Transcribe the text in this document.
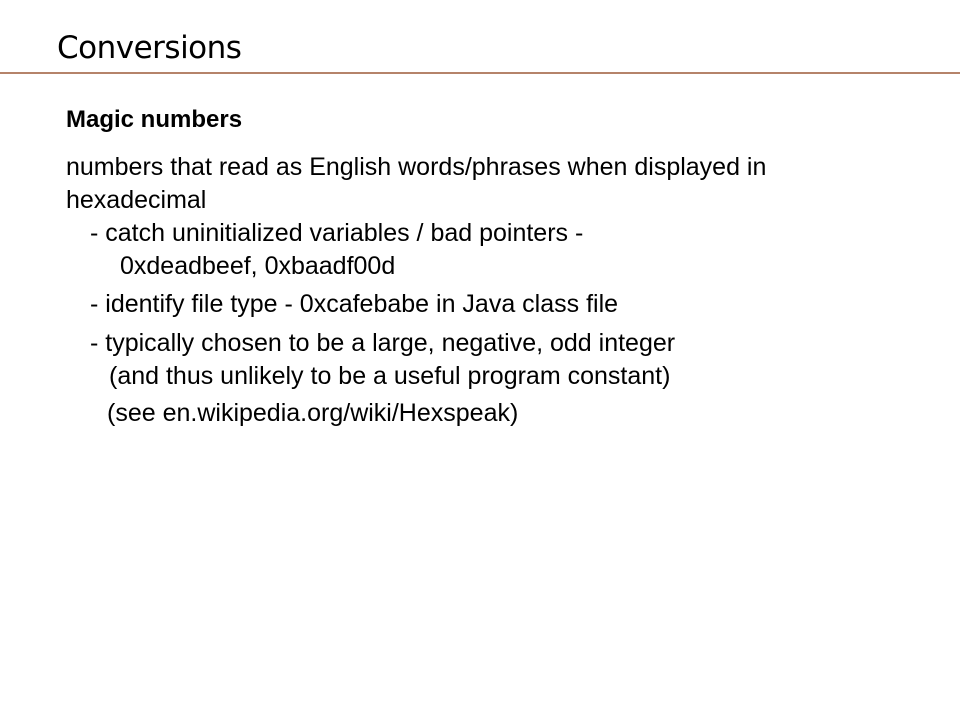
Conversions

Magic numbers

numbers that read as English words/phrases when displayed in hexadecimal

- catch uninitialized variables / bad pointers -
0xdeadbeef, 0xbaadf00d

- identify file type - 0xcafebabe in Java class file

- typically chosen to be a large, negative, odd integer
(and thus unlikely to be a useful program constant)

(see en.wikipedia.org/wiki/Hexspeak)
